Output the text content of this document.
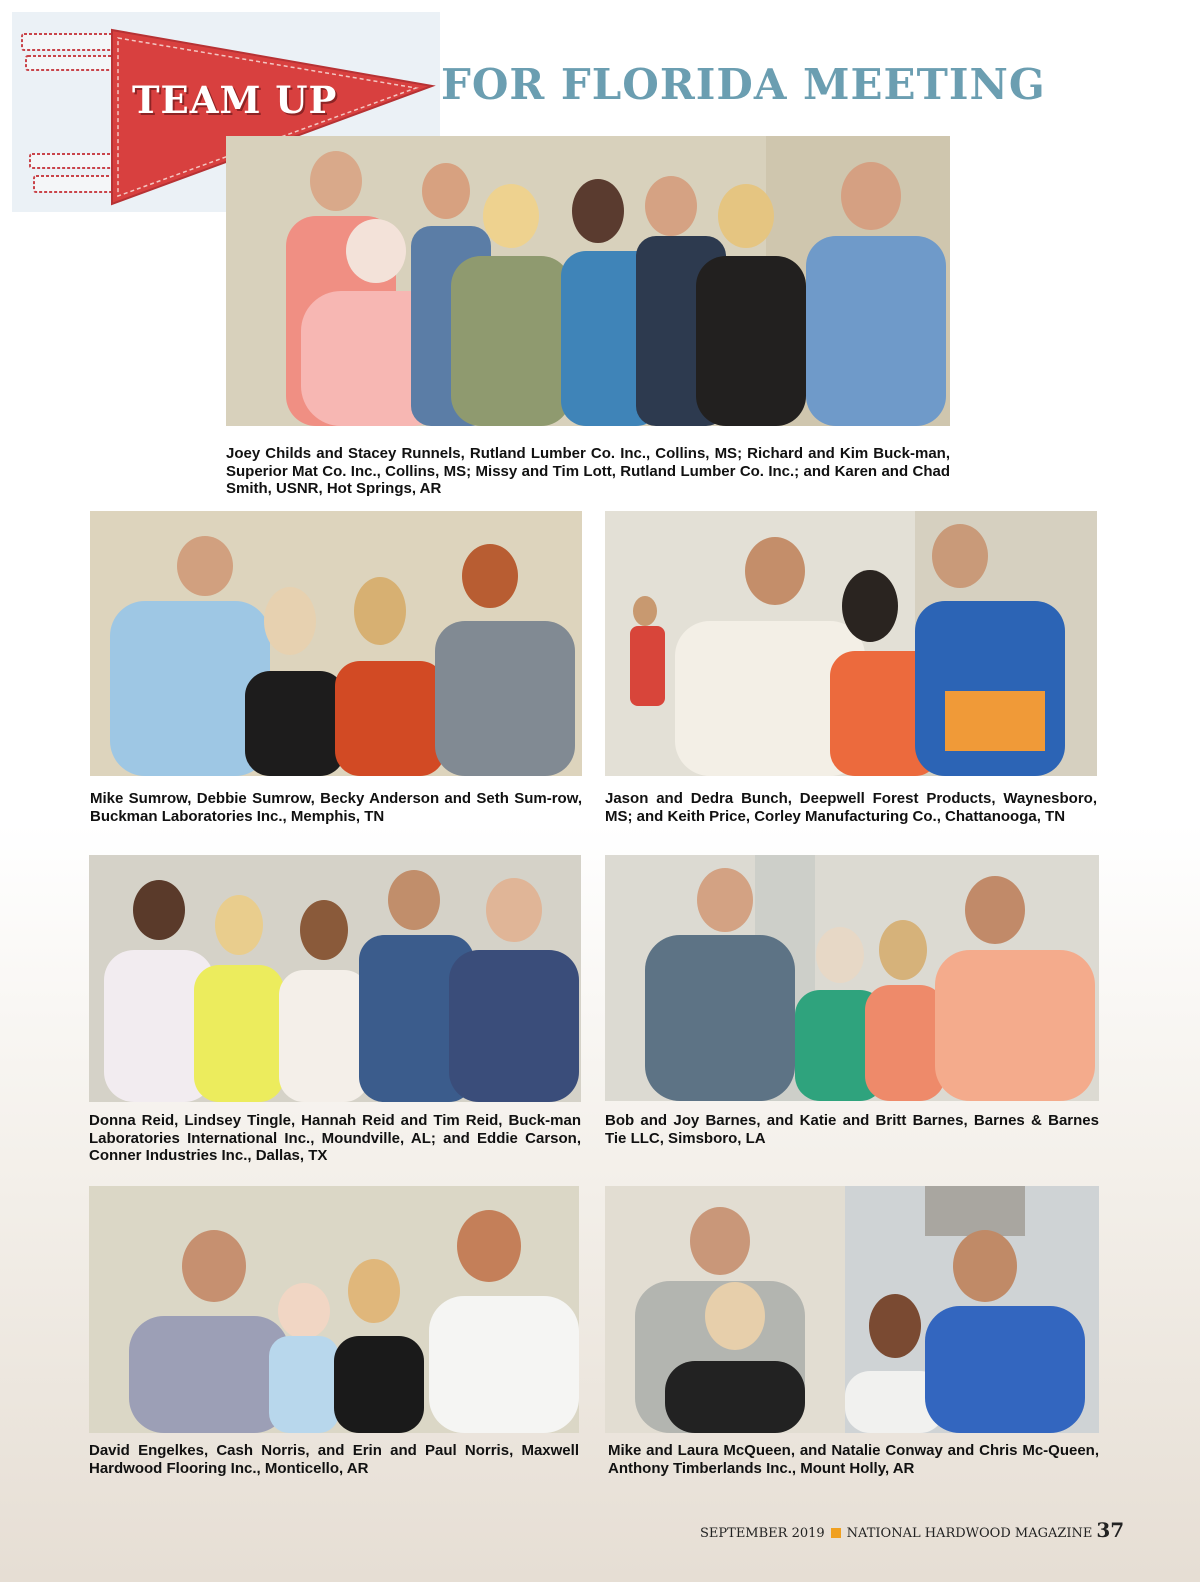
TEAM UP	FOR FLORIDA MEETING
Joey Childs and Stacey Runnels, Rutland Lumber Co. Inc., Collins, MS; Richard and Kim Buck-man, Superior Mat Co. Inc., Collins, MS; Missy and Tim Lott, Rutland Lumber Co. Inc.; and Karen and Chad Smith, USNR, Hot Springs, AR
Mike Sumrow, Debbie Sumrow, Becky Anderson and Seth Sum-row, Buckman Laboratories Inc., Memphis, TN
Jason and Dedra Bunch, Deepwell Forest Products, Waynesboro, MS; and Keith Price, Corley Manufacturing Co., Chattanooga, TN
Donna Reid, Lindsey Tingle, Hannah Reid and Tim Reid, Buck-man Laboratories International Inc., Moundville, AL; and Eddie Carson, Conner Industries Inc., Dallas, TX
Bob and Joy Barnes, and Katie and Britt Barnes, Barnes & Barnes Tie LLC, Simsboro, LA
David Engelkes, Cash Norris, and Erin and Paul Norris, Maxwell Hardwood Flooring Inc., Monticello, AR
Mike and Laura McQueen, and Natalie Conway and Chris Mc-Queen, Anthony Timberlands Inc., Mount Holly, AR
SEPTEMBER 2019 NATIONAL HARDWOOD MAGAZINE 37
